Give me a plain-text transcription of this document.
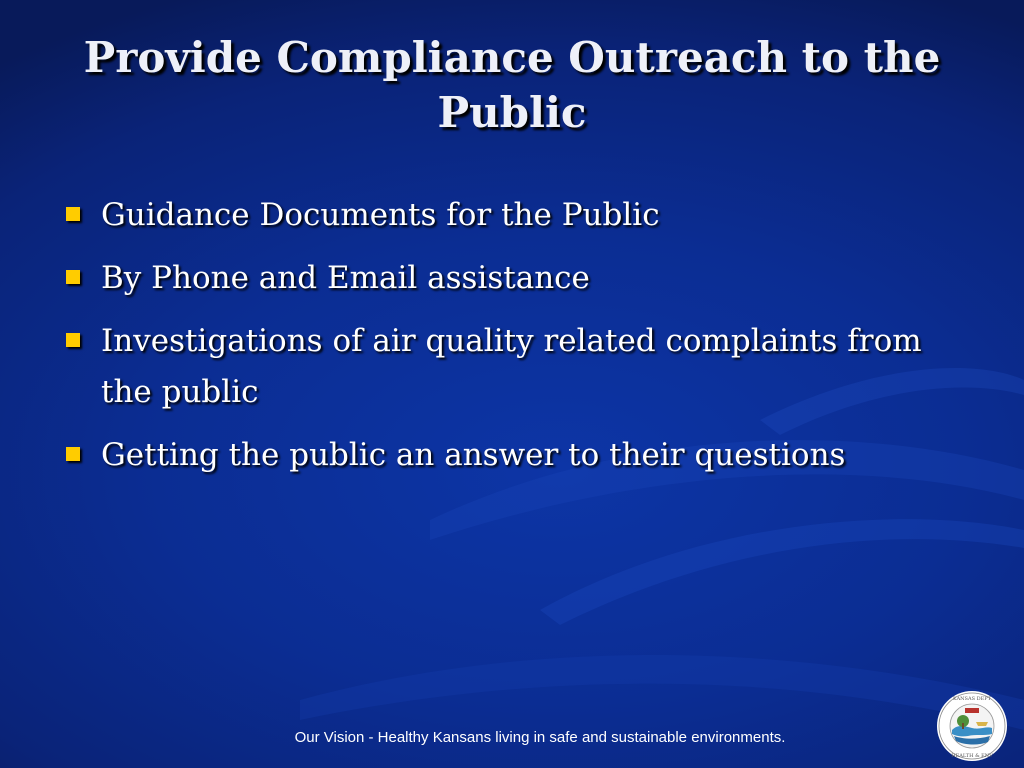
Provide Compliance Outreach to the Public
Guidance Documents for the Public
By Phone and Email assistance
Investigations of air quality related complaints from the public
Getting the public an answer to their questions
Our Vision - Healthy Kansans living in safe and sustainable environments.
KANSAS DEPT
HEALTH & ENV
